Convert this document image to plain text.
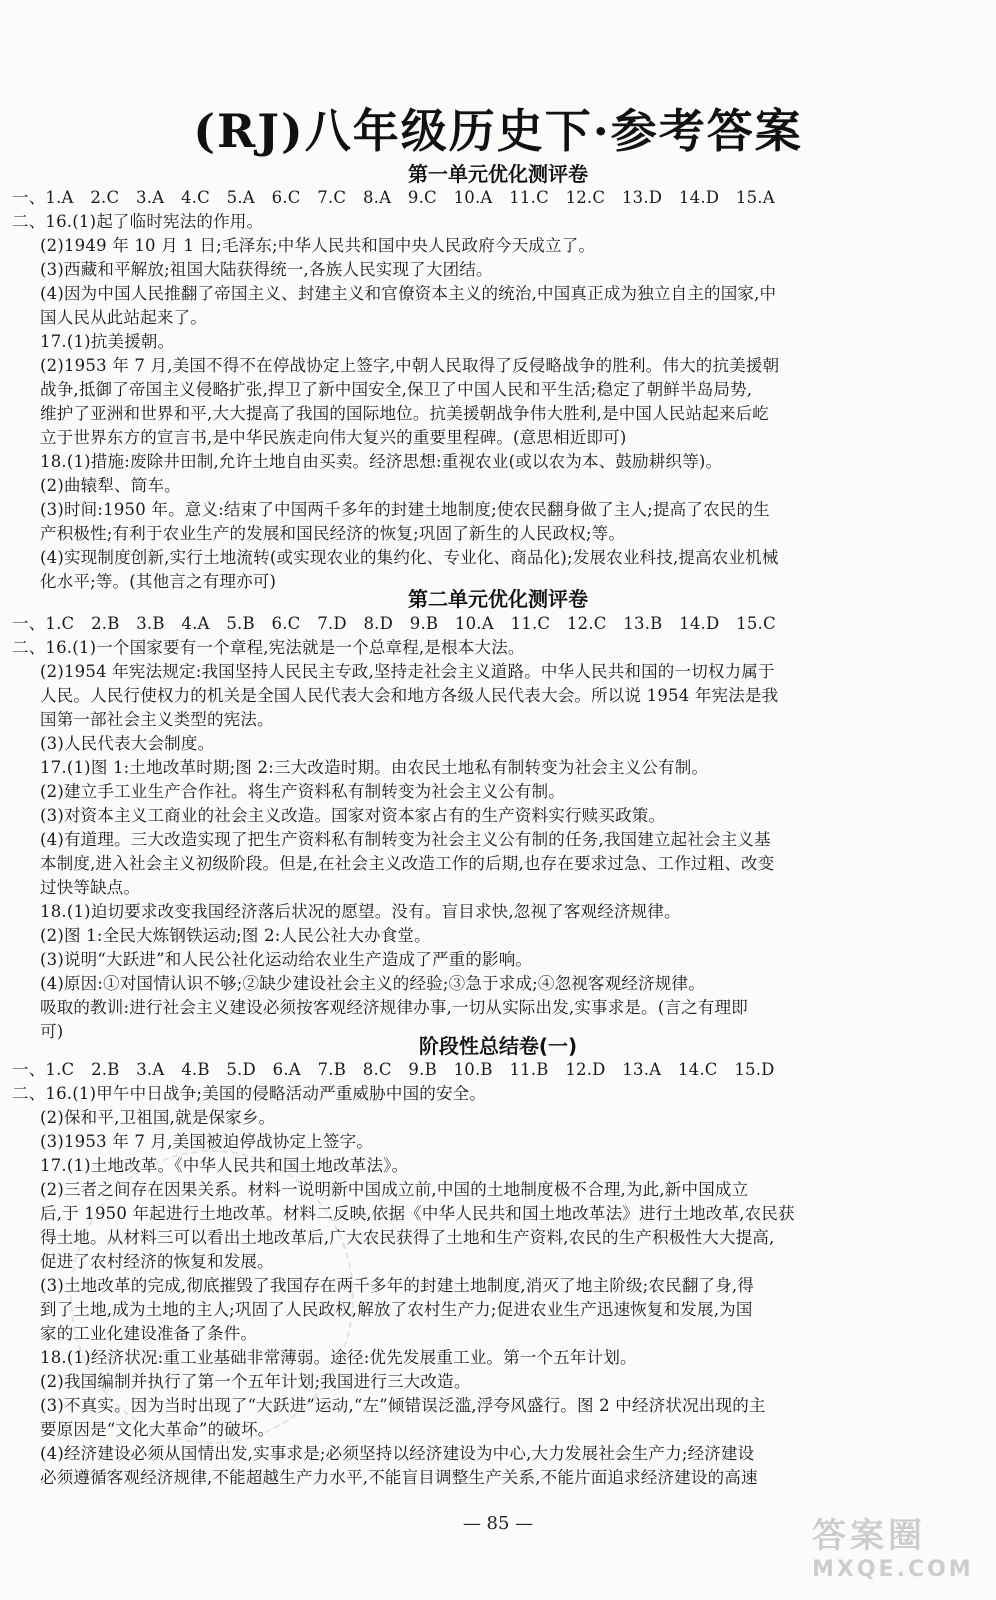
(RJ)八年级历史下·参考答案
第一单元优化测评卷
一、1.A　2.C　3.A　4.C　5.A　6.C　7.C　8.A　9.C　10.A　11.C　12.C　13.D　14.D　15.A
二、16.(1)起了临时宪法的作用。
(2)1949 年 10 月 1 日;毛泽东;中华人民共和国中央人民政府今天成立了。
(3)西藏和平解放;祖国大陆获得统一,各族人民实现了大团结。
(4)因为中国人民推翻了帝国主义、封建主义和官僚资本主义的统治,中国真正成为独立自主的国家,中
国人民从此站起来了。
17.(1)抗美援朝。
(2)1953 年 7 月,美国不得不在停战协定上签字,中朝人民取得了反侵略战争的胜利。伟大的抗美援朝
战争,抵御了帝国主义侵略扩张,捍卫了新中国安全,保卫了中国人民和平生活;稳定了朝鲜半岛局势,
维护了亚洲和世界和平,大大提高了我国的国际地位。抗美援朝战争伟大胜利,是中国人民站起来后屹
立于世界东方的宣言书,是中华民族走向伟大复兴的重要里程碑。(意思相近即可)
18.(1)措施:废除井田制,允许土地自由买卖。经济思想:重视农业(或以农为本、鼓励耕织等)。
(2)曲辕犁、筒车。
(3)时间:1950 年。意义:结束了中国两千多年的封建土地制度;使农民翻身做了主人;提高了农民的生
产积极性;有利于农业生产的发展和国民经济的恢复;巩固了新生的人民政权;等。
(4)实现制度创新,实行土地流转(或实现农业的集约化、专业化、商品化);发展农业科技,提高农业机械
化水平;等。(其他言之有理亦可)
第二单元优化测评卷
一、1.C　2.B　3.B　4.A　5.B　6.C　7.D　8.D　9.B　10.A　11.C　12.C　13.B　14.D　15.C
二、16.(1)一个国家要有一个章程,宪法就是一个总章程,是根本大法。
(2)1954 年宪法规定:我国坚持人民民主专政,坚持走社会主义道路。中华人民共和国的一切权力属于
人民。人民行使权力的机关是全国人民代表大会和地方各级人民代表大会。所以说 1954 年宪法是我
国第一部社会主义类型的宪法。
(3)人民代表大会制度。
17.(1)图 1:土地改革时期;图 2:三大改造时期。由农民土地私有制转变为社会主义公有制。
(2)建立手工业生产合作社。将生产资料私有制转变为社会主义公有制。
(3)对资本主义工商业的社会主义改造。国家对资本家占有的生产资料实行赎买政策。
(4)有道理。三大改造实现了把生产资料私有制转变为社会主义公有制的任务,我国建立起社会主义基
本制度,进入社会主义初级阶段。但是,在社会主义改造工作的后期,也存在要求过急、工作过粗、改变
过快等缺点。
18.(1)迫切要求改变我国经济落后状况的愿望。没有。盲目求快,忽视了客观经济规律。
(2)图 1:全民大炼钢铁运动;图 2:人民公社大办食堂。
(3)说明“大跃进”和人民公社化运动给农业生产造成了严重的影响。
(4)原因:①对国情认识不够;②缺少建设社会主义的经验;③急于求成;④忽视客观经济规律。
吸取的教训:进行社会主义建设必须按客观经济规律办事,一切从实际出发,实事求是。(言之有理即
可)
阶段性总结卷(一)
一、1.C　2.B　3.A　4.B　5.D　6.A　7.B　8.C　9.B　10.B　11.B　12.D　13.A　14.C　15.D
二、16.(1)甲午中日战争;美国的侵略活动严重威胁中国的安全。
(2)保和平,卫祖国,就是保家乡。
(3)1953 年 7 月,美国被迫停战协定上签字。
17.(1)土地改革。《中华人民共和国土地改革法》。
(2)三者之间存在因果关系。材料一说明新中国成立前,中国的土地制度极不合理,为此,新中国成立
后,于 1950 年起进行土地改革。材料二反映,依据《中华人民共和国土地改革法》进行土地改革,农民获
得土地。从材料三可以看出土地改革后,广大农民获得了土地和生产资料,农民的生产积极性大大提高,
促进了农村经济的恢复和发展。
(3)土地改革的完成,彻底摧毁了我国存在两千多年的封建土地制度,消灭了地主阶级;农民翻了身,得
到了土地,成为土地的主人;巩固了人民政权,解放了农村生产力;促进农业生产迅速恢复和发展,为国
家的工业化建设准备了条件。
18.(1)经济状况:重工业基础非常薄弱。途径:优先发展重工业。第一个五年计划。
(2)我国编制并执行了第一个五年计划;我国进行三大改造。
(3)不真实。因为当时出现了“大跃进”运动,“左”倾错误泛滥,浮夸风盛行。图 2 中经济状况出现的主
要原因是“文化大革命”的破坏。
(4)经济建设必须从国情出发,实事求是;必须坚持以经济建设为中心,大力发展社会生产力;经济建设
必须遵循客观经济规律,不能超越生产力水平,不能盲目调整生产关系,不能片面追求经济建设的高速
— 85 —	答案圈
MXQE.COM
